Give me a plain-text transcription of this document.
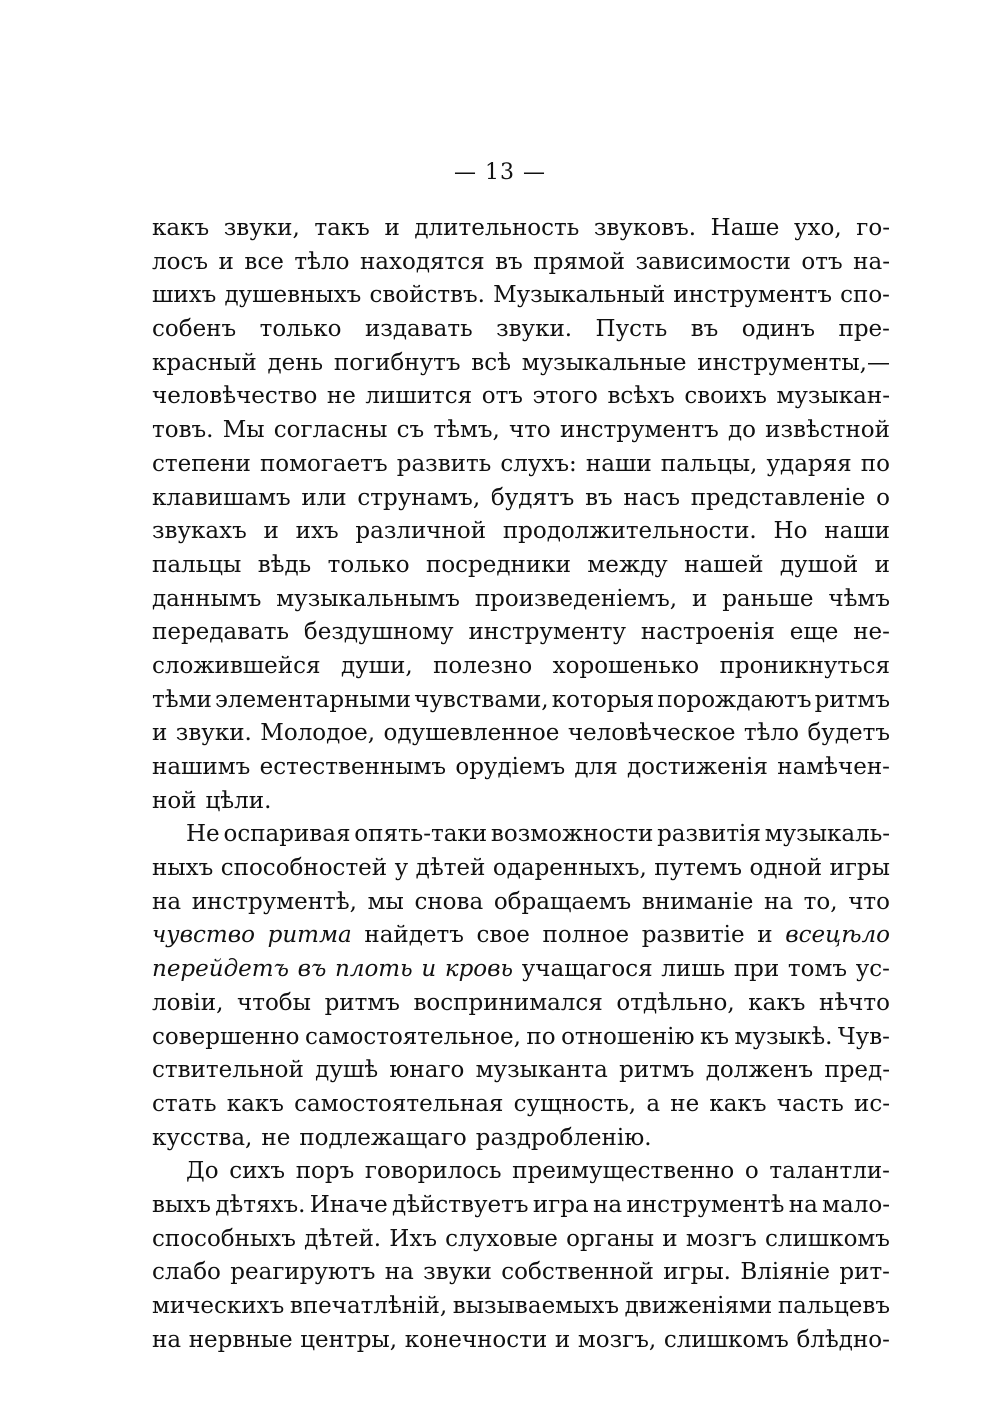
— 13 —
какъ звуки, такъ и длительность звуковъ. Наше ухо, го-
лосъ и все тѣло находятся въ прямой зависимости отъ на-
шихъ душевныхъ свойствъ. Музыкальный инструментъ спо-
собенъ только издавать звуки. Пусть въ одинъ пре-
красный день погибнутъ всѣ музыкальные инструменты,—
человѣчество не лишится отъ этого всѣхъ своихъ музыкан-
товъ. Мы согласны съ тѣмъ, что инструментъ до извѣстной
степени помогаетъ развить слухъ: наши пальцы, ударяя по
клавишамъ или струнамъ, будятъ въ насъ представленіе о
звукахъ и ихъ различной продолжительности. Но наши
пальцы вѣдь только посредники между нашей душой и
даннымъ музыкальнымъ произведеніемъ, и раньше чѣмъ
передавать бездушному инструменту настроенія еще не-
сложившейся души, полезно хорошенько проникнуться
тѣми элементарными чувствами, которыя порождаютъ ритмъ
и звуки. Молодое, одушевленное человѣческое тѣло будетъ
нашимъ естественнымъ орудіемъ для достиженія намѣчен-
ной цѣли.
Не оспаривая опять-таки возможности развитія музыкаль-
ныхъ способностей у дѣтей одаренныхъ, путемъ одной игры
на инструментѣ, мы снова обращаемъ вниманіе на то, что
чувство ритма найдетъ свое полное развитіе и всецѣло
перейдетъ въ плоть и кровь учащагося лишь при томъ ус-
ловіи, чтобы ритмъ воспринимался отдѣльно, какъ нѣчто
совершенно самостоятельное, по отношенію къ музыкѣ. Чув-
ствительной душѣ юнаго музыканта ритмъ долженъ пред-
стать какъ самостоятельная сущность, а не какъ часть ис-
кусства, не подлежащаго раздробленію.
До сихъ поръ говорилось преимущественно о талантли-
выхъ дѣтяхъ. Иначе дѣйствуетъ игра на инструментѣ на мало-
способныхъ дѣтей. Ихъ слуховые органы и мозгъ слишкомъ
слабо реагируютъ на звуки собственной игры. Вліяніе рит-
мическихъ впечатлѣній, вызываемыхъ движеніями пальцевъ
на нервные центры, конечности и мозгъ, слишкомъ блѣдно-
